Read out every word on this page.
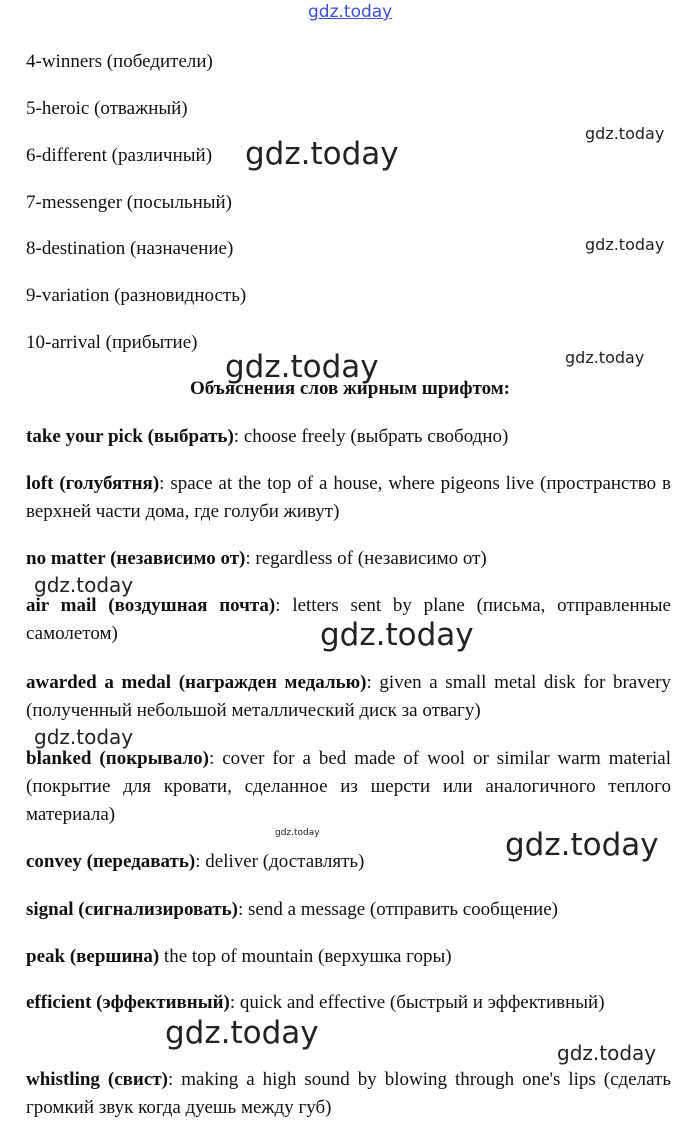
gdz.today
4-winners (победители)
5-heroic (отважный)
6-different (различный)
7-messenger (посыльный)
8-destination (назначение)
9-variation (разновидность)
10-arrival (прибытие)
Объяснения слов жирным шрифтом:
take your pick (выбрать): choose freely (выбрать свободно)
loft (голубятня): space at the top of a house, where pigeons live (пространство в верхней части дома, где голуби живут)
no matter (независимо от): regardless of (независимо от)
air mail (воздушная почта): letters sent by plane (письма, отправленные самолетом)
awarded a medal (награжден медалью): given a small metal disk for bravery (полученный небольшой металлический диск за отвагу)
blanked (покрывало): cover for a bed made of wool or similar warm material (покрытие для кровати, сделанное из шерсти или аналогичного теплого материала)
convey (передавать): deliver (доставлять)
signal (сигнализировать): send a message (отправить сообщение)
peak (вершина) the top of mountain (верхушка горы)
efficient (эффективный): quick and effective (быстрый и эффективный)
whistling (свист): making a high sound by blowing through one's lips (сделать громкий звук когда дуешь между губ)
gdz.today
gdz.today
gdz.today
gdz.today	gdz.today
gdz.today
gdz.today
gdz.today
gdz.today	gdz.today
gdz.today
gdz.today
